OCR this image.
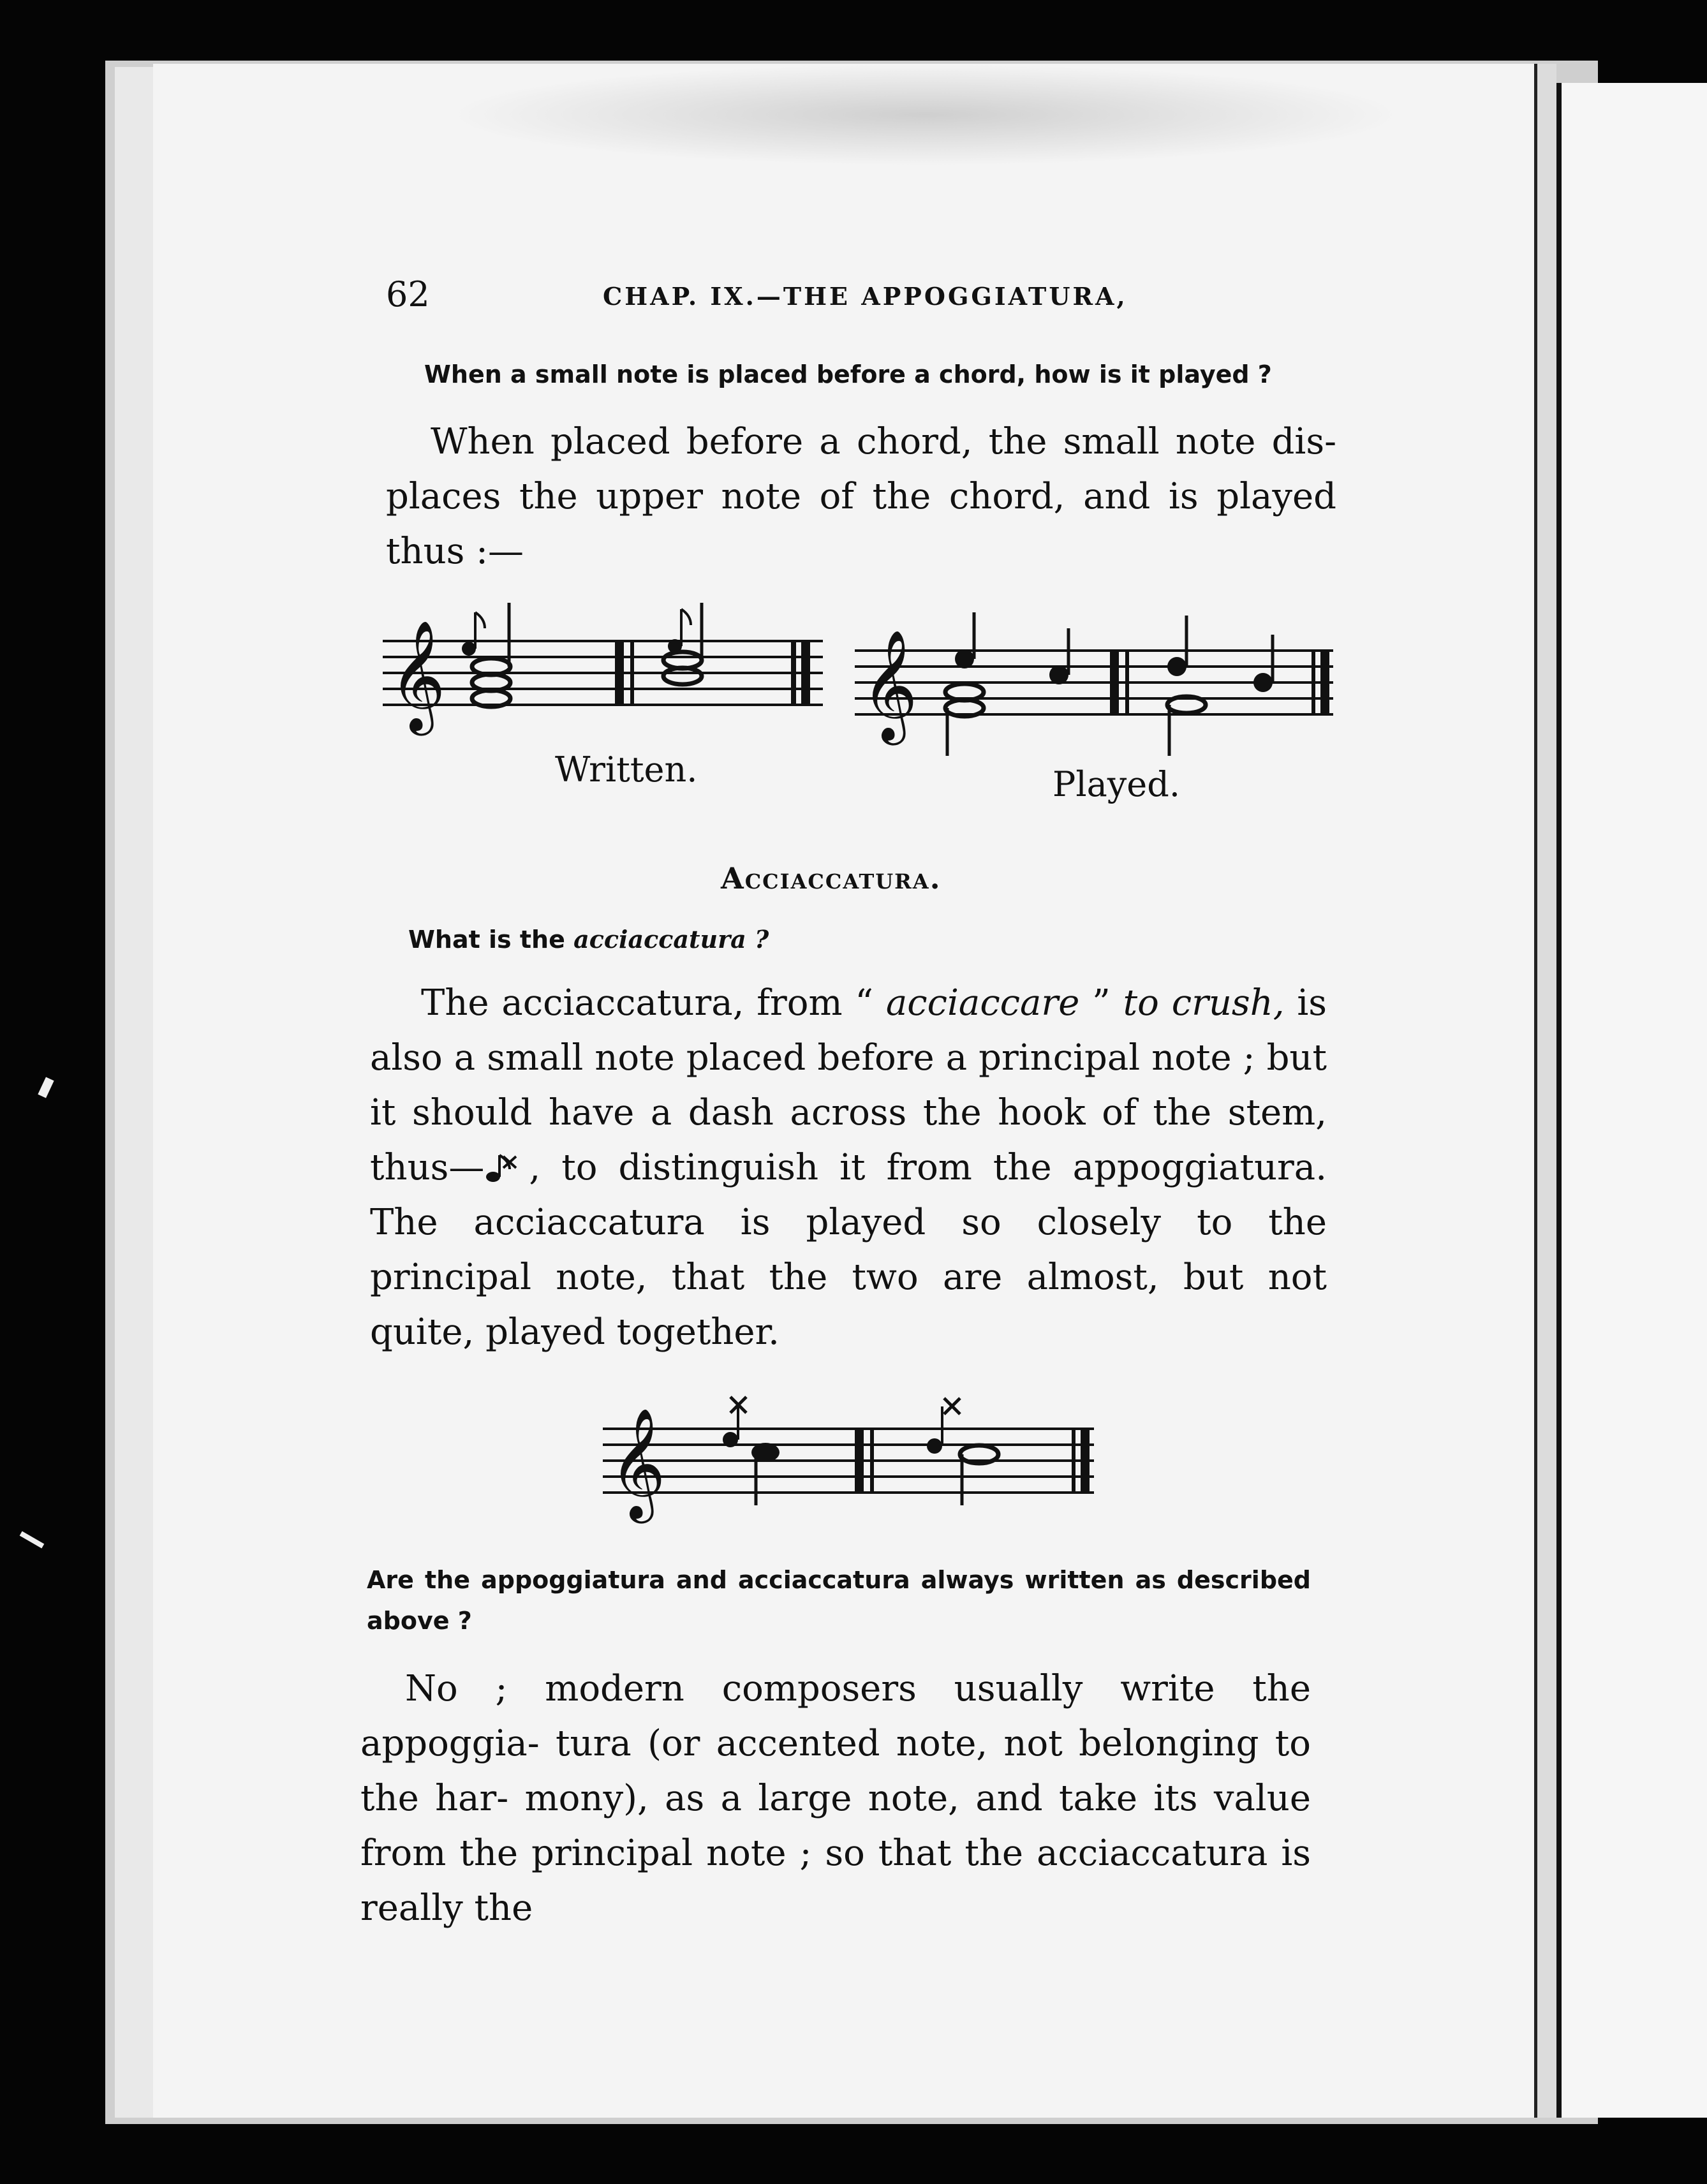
62	CHAP. IX.—THE APPOGGIATURA,
When a small note is placed before a chord, how is it played ?

When placed before a chord, the small note dis- places the upper note of the chord, and is played thus :—

𝄞
Written.
𝄞
Played.
Acciaccatura.
What is the acciaccatura ?

The acciaccatura, from “ acciaccare ” to crush, is also a small note placed before a principal note ; but it should have a dash across the hook of the stem, thus— , to distinguish it from the appoggiatura. The acciaccatura is played so closely to the principal note, that the two are almost, but not quite, played together.

𝄞
Are the appoggiatura and acciaccatura always written as described above ?

No ; modern composers usually write the appoggia- tura (or accented note, not belonging to the har- mony), as a large note, and take its value from the principal note ; so that the acciaccatura is really the
